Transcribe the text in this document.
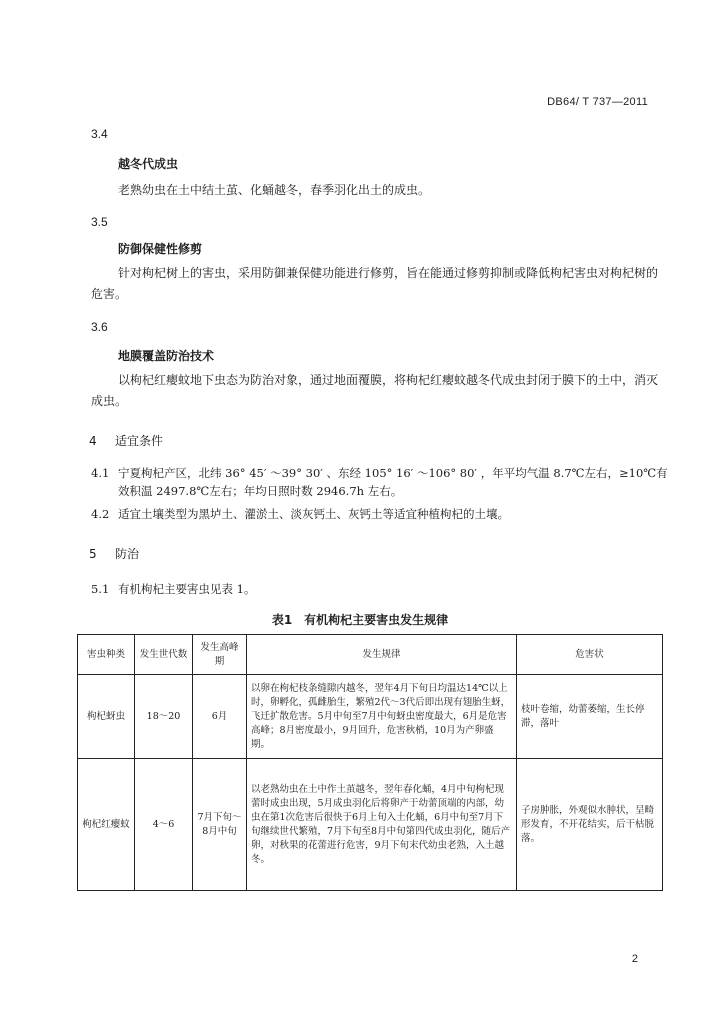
DB64/ T 737—2011
3.4
越冬代成虫
老熟幼虫在土中结土茧、化蛹越冬，春季羽化出土的成虫。
3.5
防御保健性修剪
针对枸杞树上的害虫，采用防御兼保健功能进行修剪，旨在能通过修剪抑制或降低枸杞害虫对枸杞树的危害。
3.6
地膜覆盖防治技术
以枸杞红瘿蚊地下虫态为防治对象，通过地面覆膜，将枸杞红瘿蚊越冬代成虫封闭于膜下的土中，消灭成虫。
4 适宜条件
4.1 宁夏枸杞产区，北纬 36° 45′ ～39° 30′ 、东经 105° 16′ ～106° 80′ ，年平均气温 8.7℃左右，≥10℃有效积温 2497.8℃左右；年均日照时数 2946.7h 左右。
4.2 适宜土壤类型为黑垆土、灌淤土、淡灰钙土、灰钙土等适宜种植枸杞的土壤。
5 防治
5.1 有机枸杞主要害虫见表 1。
表1　有机枸杞主要害虫发生规律
害虫种类	发生世代数	发生高峰期	发生规律	危害状
枸杞蚜虫	18～20	6月	以卵在枸杞枝条缝隙内越冬，翌年4月下旬日均温达14℃以上时，卵孵化，孤雌胎生，繁殖2代～3代后即出现有翅胎生蚜，飞迁扩散危害。5月中旬至7月中旬蚜虫密度最大，6月是危害高峰；8月密度最小，9月回升，危害秋梢，10月为产卵盛期。	枝叶卷缩，幼蕾萎缩，生长停滞，落叶
枸杞红瘿蚊	4～6	7月下旬～8月中旬	以老熟幼虫在土中作土茧越冬，翌年春化蛹，4月中旬枸杞现蕾时成虫出现，5月成虫羽化后将卵产于幼蕾顶端的内部，幼虫在第1次危害后很快于6月上旬入土化蛹，6月中旬至7月下旬继续世代繁殖，7月下旬至8月中旬第四代成虫羽化，随后产卵，对秋果的花蕾进行危害，9月下旬末代幼虫老熟，入土越冬。	子房肿胀，外观似水肿状，呈畸形发育，不开花结实，后干枯脱落。
2
